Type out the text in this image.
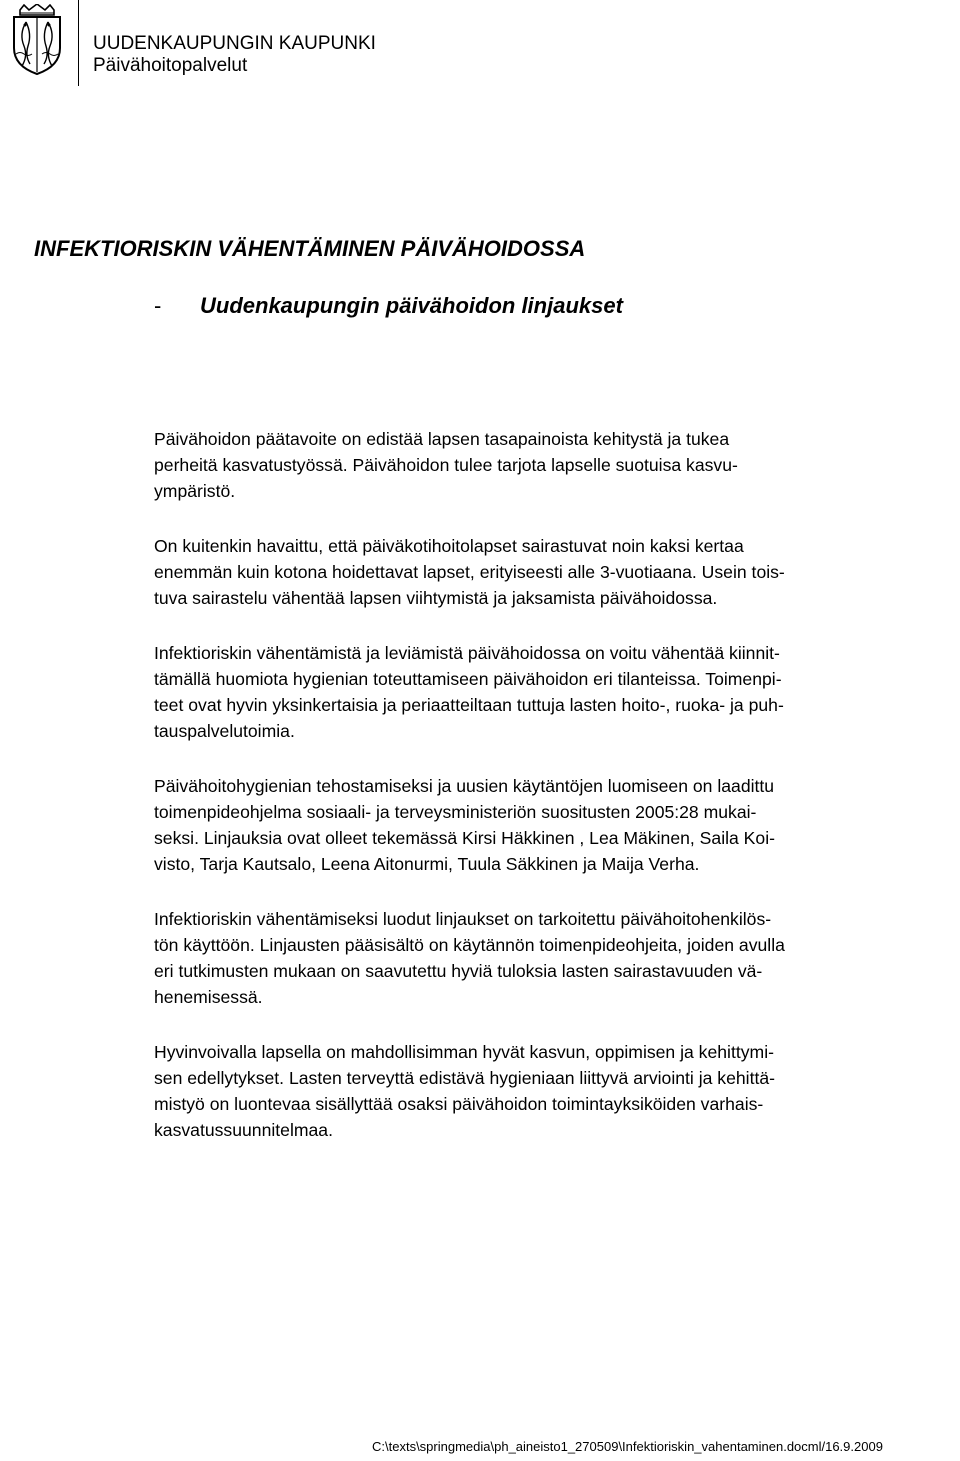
UUDENKAUPUNGIN KAUPUNKI
Päivähoitopalvelut
INFEKTIORISKIN VÄHENTÄMINEN PÄIVÄHOIDOSSA
- Uudenkaupungin päivähoidon linjaukset

Päivähoidon päätavoite on edistää lapsen tasapainoista kehitystä ja tukea
perheitä kasvatustyössä. Päivähoidon tulee tarjota lapselle suotuisa kasvu-
ympäristö.

On kuitenkin havaittu, että päiväkotihoitolapset sairastuvat noin kaksi kertaa
enemmän kuin kotona hoidettavat lapset, erityiseesti alle 3-vuotiaana. Usein tois-
tuva sairastelu vähentää lapsen viihtymistä ja jaksamista päivähoidossa.

Infektioriskin vähentämistä ja leviämistä päivähoidossa on voitu vähentää kiinnit-
tämällä huomiota hygienian toteuttamiseen päivähoidon eri tilanteissa. Toimenpi-
teet ovat hyvin yksinkertaisia ja periaatteiltaan tuttuja lasten hoito-, ruoka- ja puh-
tauspalvelutoimia.

Päivähoitohygienian tehostamiseksi ja uusien käytäntöjen luomiseen on laadittu
toimenpideohjelma sosiaali- ja terveysministeriön suositusten 2005:28 mukai-
seksi. Linjauksia ovat olleet tekemässä Kirsi Häkkinen , Lea Mäkinen, Saila Koi-
visto, Tarja Kautsalo, Leena Aitonurmi, Tuula Säkkinen ja Maija Verha.

Infektioriskin vähentämiseksi luodut linjaukset on tarkoitettu päivähoitohenkilös-
tön käyttöön. Linjausten pääsisältö on käytännön toimenpideohjeita, joiden avulla
eri tutkimusten mukaan on saavutettu hyviä tuloksia lasten sairastavuuden vä-
henemisessä.

Hyvinvoivalla lapsella on mahdollisimman hyvät kasvun, oppimisen ja kehittymi-
sen edellytykset. Lasten terveyttä edistävä hygieniaan liittyvä arviointi ja kehittä-
mistyö on luontevaa sisällyttää osaksi päivähoidon toimintayksiköiden varhais-
kasvatussuunnitelmaa.

C:\texts\springmedia\ph_aineisto1_270509\Infektioriskin_vahentaminen.docml/16.9.2009
